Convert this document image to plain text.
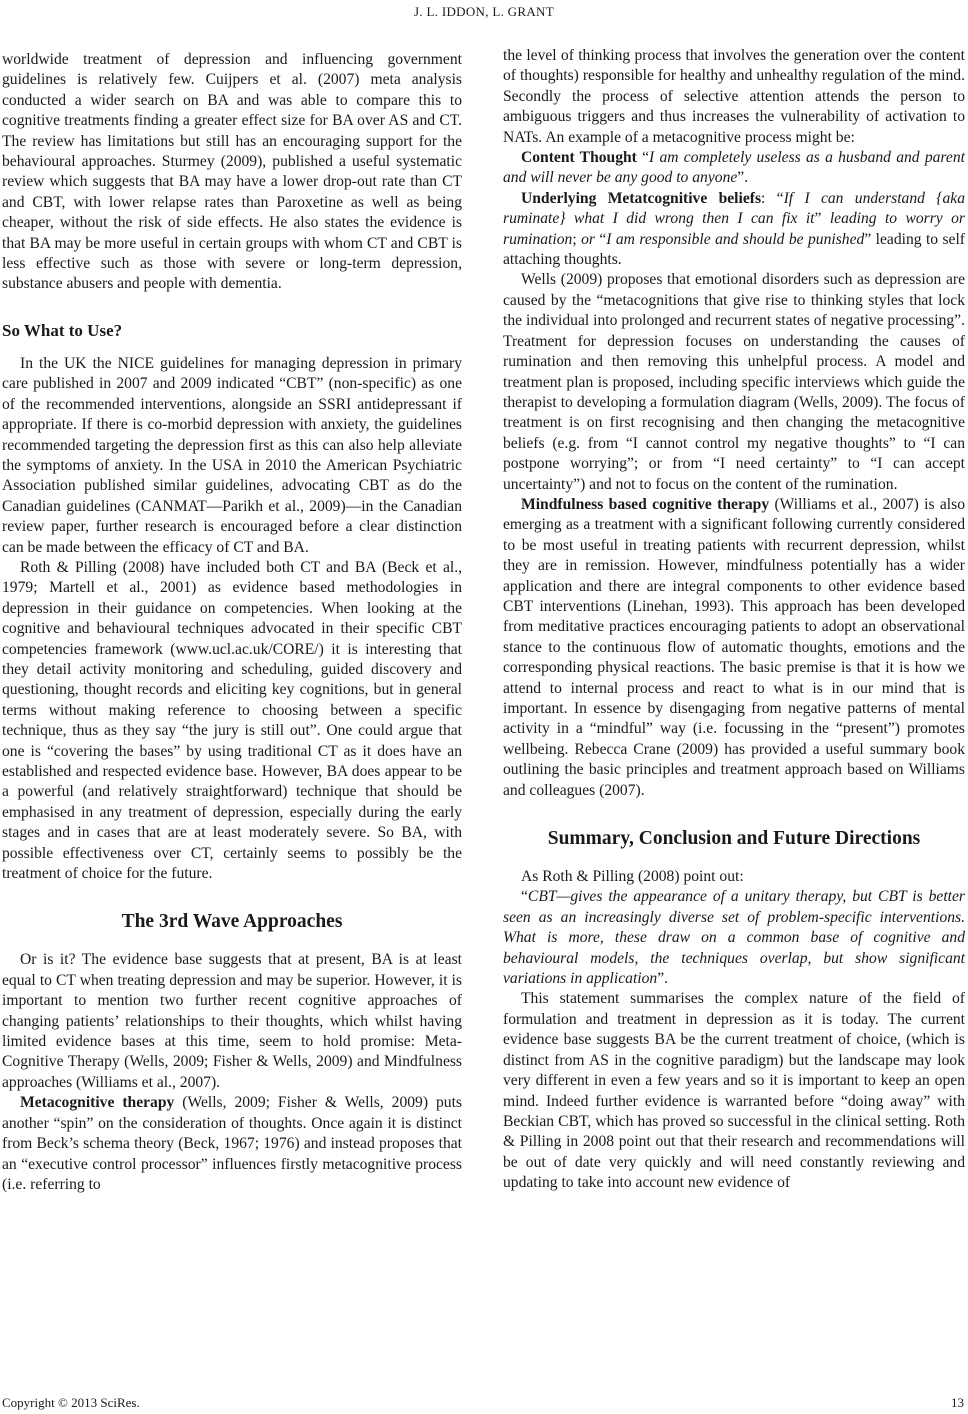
J. L. IDDON, L. GRANT

worldwide treatment of depression and influencing government guidelines is relatively few. Cuijpers et al. (2007) meta analysis conducted a wider search on BA and was able to compare this to cognitive treatments finding a greater effect size for BA over AS and CT. The review has limitations but still has an encouraging support for the behavioural approaches. Sturmey (2009), published a useful systematic review which suggests that BA may have a lower drop-out rate than CT and CBT, with lower relapse rates than Paroxetine as well as being cheaper, without the risk of side effects. He also states the evidence is that BA may be more useful in certain groups with whom CT and CBT is less effective such as those with severe or long-term depression, substance abusers and people with dementia.

So What to Use?

In the UK the NICE guidelines for managing depression in primary care published in 2007 and 2009 indicated “CBT” (non-specific) as one of the recommended interventions, alongside an SSRI antidepressant if appropriate. If there is co-morbid depression with anxiety, the guidelines recommended targeting the depression first as this can also help alleviate the symptoms of anxiety. In the USA in 2010 the American Psychiatric Association published similar guidelines, advocating CBT as do the Canadian guidelines (CANMAT—Parikh et al., 2009)—in the Canadian review paper, further research is encouraged before a clear distinction can be made between the efficacy of CT and BA.

Roth & Pilling (2008) have included both CT and BA (Beck et al., 1979; Martell et al., 2001) as evidence based methodologies in depression in their guidance on competencies. When looking at the cognitive and behavioural techniques advocated in their specific CBT competencies framework (www.ucl.ac.uk/CORE/) it is interesting that they detail activity monitoring and scheduling, guided discovery and questioning, thought records and eliciting key cognitions, but in general terms without making reference to choosing between a specific technique, thus as they say “the jury is still out”. One could argue that one is “covering the bases” by using traditional CT as it does have an established and respected evidence base. However, BA does appear to be a powerful (and relatively straightforward) technique that should be emphasised in any treatment of depression, especially during the early stages and in cases that are at least moderately severe. So BA, with possible effectiveness over CT, certainly seems to possibly be the treatment of choice for the future.

The 3rd Wave Approaches

Or is it? The evidence base suggests that at present, BA is at least equal to CT when treating depression and may be superior. However, it is important to mention two further recent cognitive approaches of changing patients’ relationships to their thoughts, which whilst having limited evidence bases at this time, seem to hold promise: Meta-Cognitive Therapy (Wells, 2009; Fisher & Wells, 2009) and Mindfulness approaches (Williams et al., 2007).

Metacognitive therapy (Wells, 2009; Fisher & Wells, 2009) puts another “spin” on the consideration of thoughts. Once again it is distinct from Beck’s schema theory (Beck, 1967; 1976) and instead proposes that an “executive control processor” influences firstly metacognitive process (i.e. referring to

the level of thinking process that involves the generation over the content of thoughts) responsible for healthy and unhealthy regulation of the mind. Secondly the process of selective attention attends the person to ambiguous triggers and thus increases the vulnerability of activation to NATs. An example of a metacognitive process might be:

Content Thought “I am completely useless as a husband and parent and will never be any good to anyone”.

Underlying Metatcognitive beliefs: “If I can understand {aka ruminate} what I did wrong then I can fix it” leading to worry or rumination; or “I am responsible and should be punished” leading to self attaching thoughts.

Wells (2009) proposes that emotional disorders such as depression are caused by the “metacognitions that give rise to thinking styles that lock the individual into prolonged and recurrent states of negative processing”. Treatment for depression focuses on understanding the causes of rumination and then removing this unhelpful process. A model and treatment plan is proposed, including specific interviews which guide the therapist to developing a formulation diagram (Wells, 2009). The focus of treatment is on first recognising and then changing the metacognitive beliefs (e.g. from “I cannot control my negative thoughts” to “I can postpone worrying”; or from “I need certainty” to “I can accept uncertainty”) and not to focus on the content of the rumination.

Mindfulness based cognitive therapy (Williams et al., 2007) is also emerging as a treatment with a significant following currently considered to be most useful in treating patients with recurrent depression, whilst they are in remission. However, mindfulness potentially has a wider application and there are integral components to other evidence based CBT interventions (Linehan, 1993). This approach has been developed from meditative practices encouraging patients to adopt an observational stance to the continuous flow of automatic thoughts, emotions and the corresponding physical reactions. The basic premise is that it is how we attend to internal process and react to what is in our mind that is important. In essence by disengaging from negative patterns of mental activity in a “mindful” way (i.e. focussing in the “present”) promotes wellbeing. Rebecca Crane (2009) has provided a useful summary book outlining the basic principles and treatment approach based on Williams and colleagues (2007).

Summary, Conclusion and Future Directions

As Roth & Pilling (2008) point out:

“CBT—gives the appearance of a unitary therapy, but CBT is better seen as an increasingly diverse set of problem-specific interventions. What is more, these draw on a common base of cognitive and behavioural models, the techniques overlap, but show significant variations in application”.

This statement summarises the complex nature of the field of formulation and treatment in depression as it is today. The current evidence base suggests BA be the current treatment of choice, (which is distinct from AS in the cognitive paradigm) but the landscape may look very different in even a few years and so it is important to keep an open mind. Indeed further evidence is warranted before “doing away” with Beckian CBT, which has proved so successful in the clinical setting. Roth & Pilling in 2008 point out that their research and recommendations will be out of date very quickly and will need constantly reviewing and updating to take into account new evidence of

Copyright © 2013 SciRes.	13
